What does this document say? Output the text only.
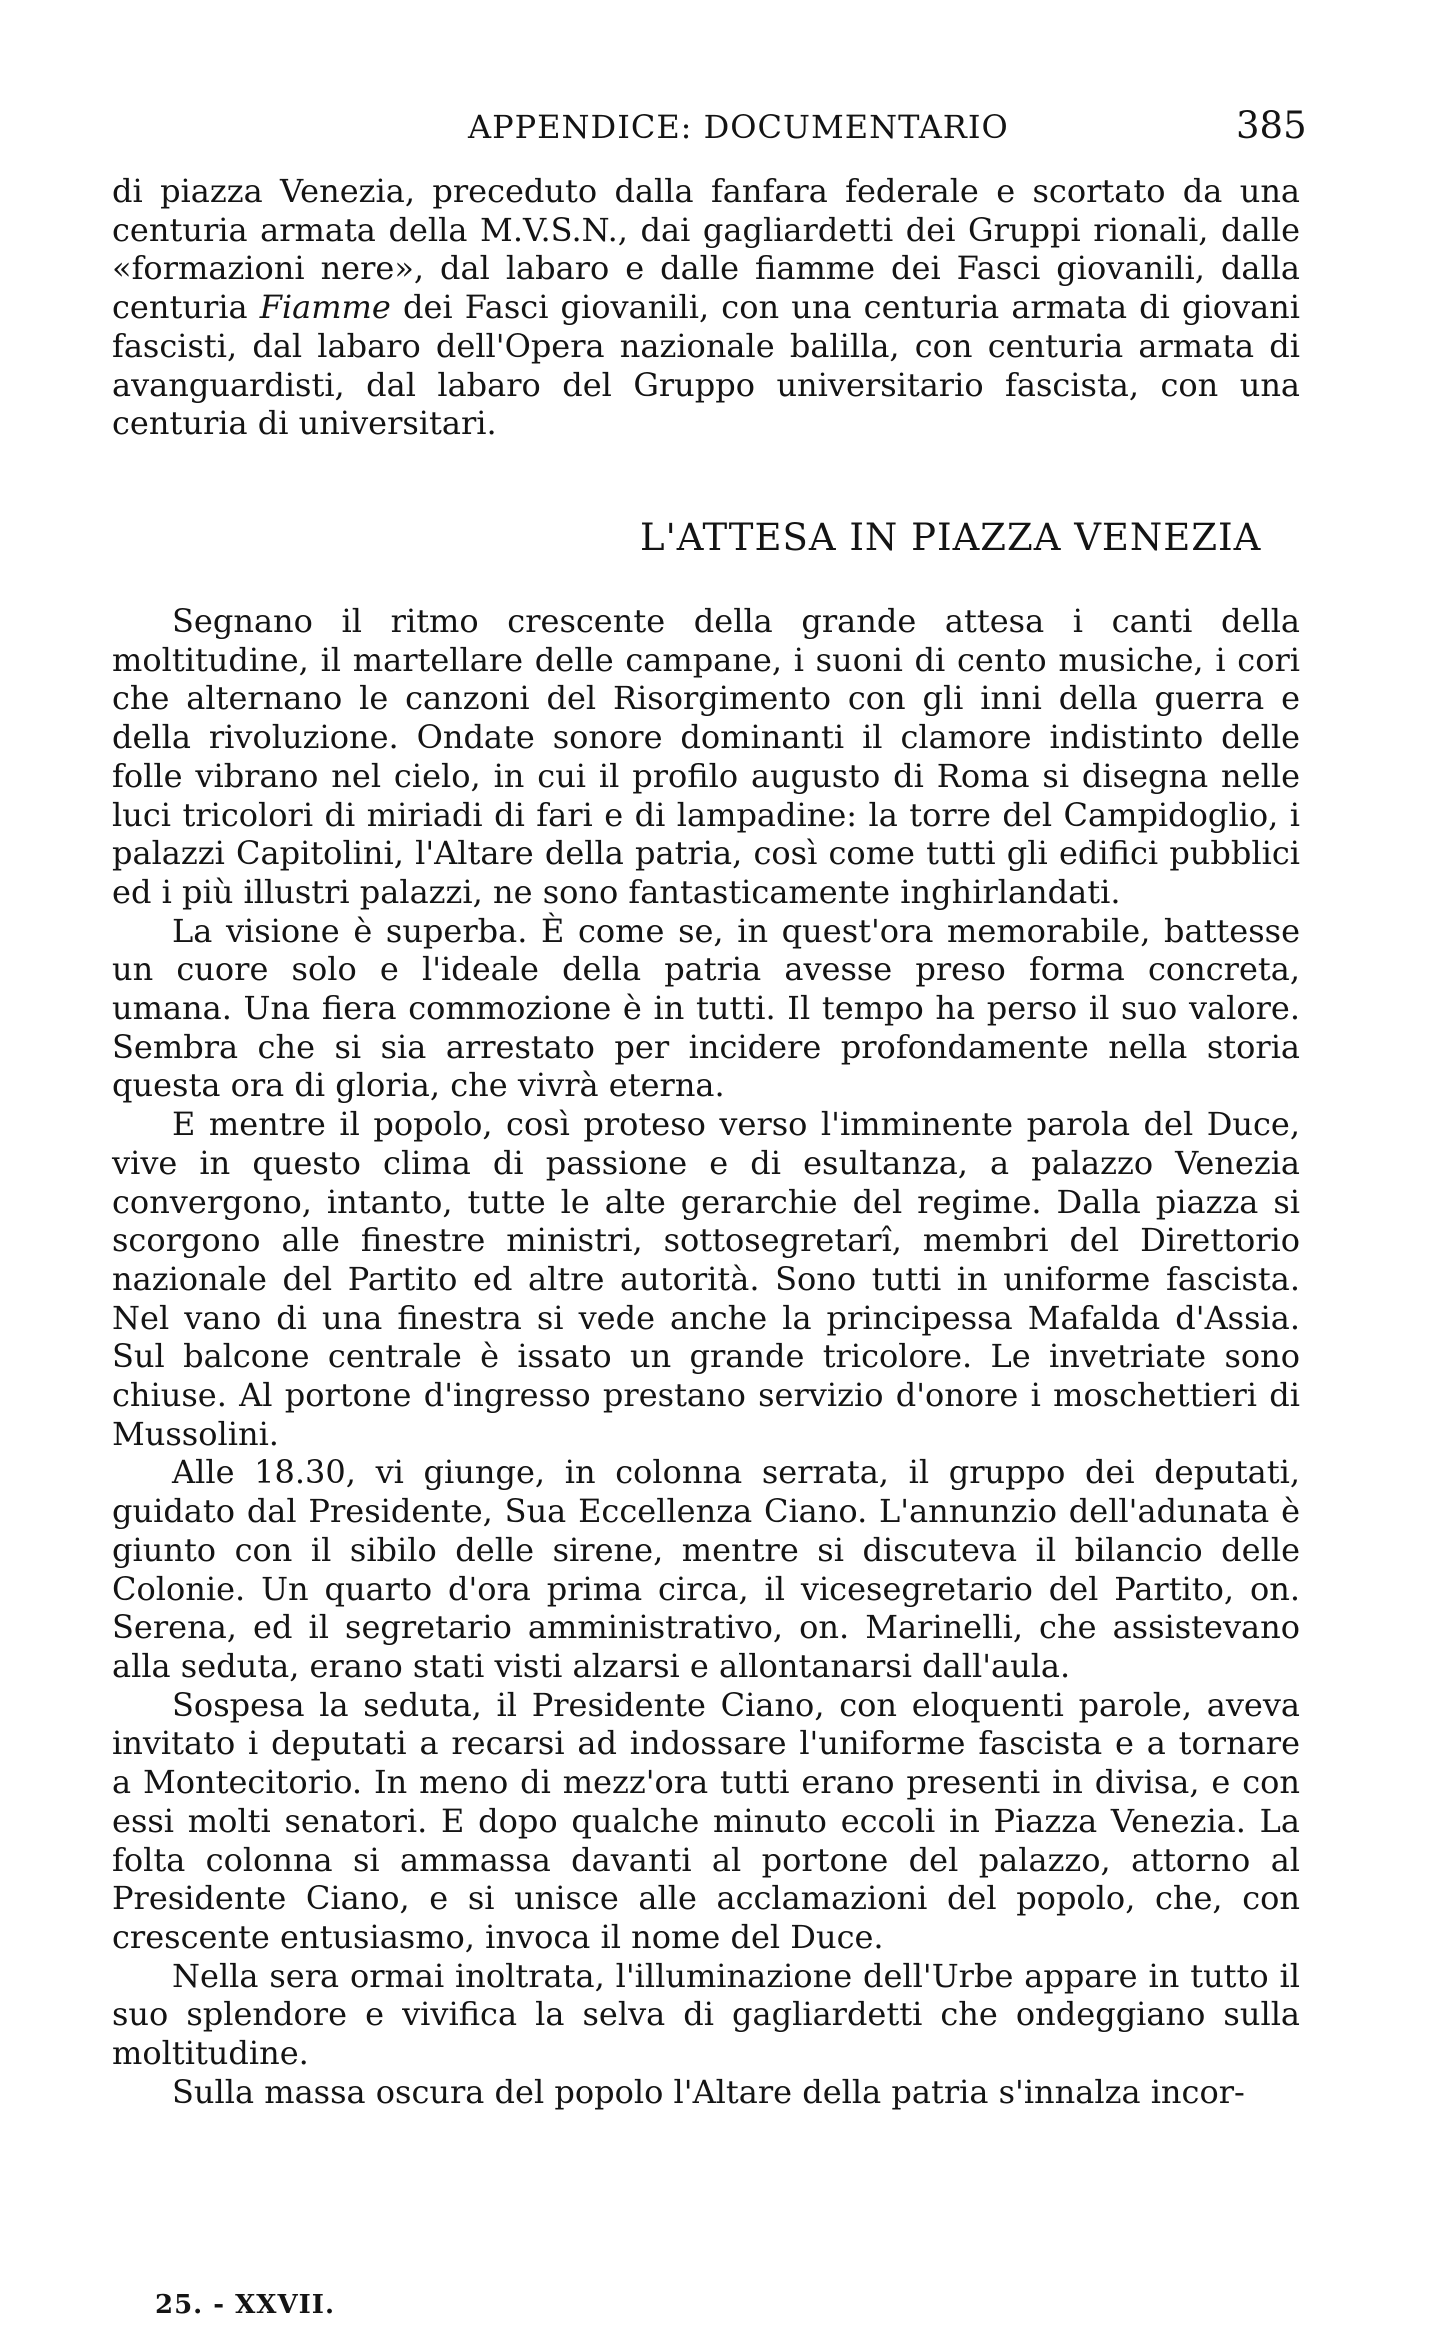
APPENDICE: DOCUMENTARIO	385

di piazza Venezia, preceduto dalla fanfara federale e scortato da una centuria armata della M.V.S.N., dai gagliardetti dei Gruppi rionali, dalle «formazioni nere», dal labaro e dalle fiamme dei Fasci giovanili, dalla centuria Fiamme dei Fasci giovanili, con una centuria armata di giovani fascisti, dal labaro dell'Opera nazionale balilla, con centuria armata di avanguardisti, dal labaro del Gruppo universitario fascista, con una centuria di universitari.

L'ATTESA IN PIAZZA VENEZIA

Segnano il ritmo crescente della grande attesa i canti della moltitudine, il martellare delle campane, i suoni di cento musiche, i cori che alternano le canzoni del Risorgimento con gli inni della guerra e della rivoluzione. Ondate sonore dominanti il clamore indistinto delle folle vibrano nel cielo, in cui il profilo augusto di Roma si disegna nelle luci tricolori di miriadi di fari e di lampadine: la torre del Campidoglio, i palazzi Capitolini, l'Altare della patria, così come tutti gli edifici pubblici ed i più illustri palazzi, ne sono fantasticamente inghirlandati.

La visione è superba. È come se, in quest'ora memorabile, battesse un cuore solo e l'ideale della patria avesse preso forma concreta, umana. Una fiera commozione è in tutti. Il tempo ha perso il suo valore. Sembra che si sia arrestato per incidere profondamente nella storia questa ora di gloria, che vivrà eterna.

E mentre il popolo, così proteso verso l'imminente parola del Duce, vive in questo clima di passione e di esultanza, a palazzo Venezia convergono, intanto, tutte le alte gerarchie del regime. Dalla piazza si scorgono alle finestre ministri, sottosegretarî, membri del Direttorio nazionale del Partito ed altre autorità. Sono tutti in uniforme fascista. Nel vano di una finestra si vede anche la principessa Mafalda d'Assia. Sul balcone centrale è issato un grande tricolore. Le invetriate sono chiuse. Al portone d'ingresso prestano servizio d'onore i moschettieri di Mussolini.

Alle 18.30, vi giunge, in colonna serrata, il gruppo dei deputati, guidato dal Presidente, Sua Eccellenza Ciano. L'annunzio dell'adunata è giunto con il sibilo delle sirene, mentre si discuteva il bilancio delle Colonie. Un quarto d'ora prima circa, il vicesegretario del Partito, on. Serena, ed il segretario amministrativo, on. Marinelli, che assistevano alla seduta, erano stati visti alzarsi e allontanarsi dall'aula.

Sospesa la seduta, il Presidente Ciano, con eloquenti parole, aveva invitato i deputati a recarsi ad indossare l'uniforme fascista e a tornare a Montecitorio. In meno di mezz'ora tutti erano presenti in divisa, e con essi molti senatori. E dopo qualche minuto eccoli in Piazza Venezia. La folta colonna si ammassa davanti al portone del palazzo, attorno al Presidente Ciano, e si unisce alle acclamazioni del popolo, che, con crescente entusiasmo, invoca il nome del Duce.

Nella sera ormai inoltrata, l'illuminazione dell'Urbe appare in tutto il suo splendore e vivifica la selva di gagliardetti che ondeggiano sulla moltitudine.

Sulla massa oscura del popolo l'Altare della patria s'innalza incor-

25. - XXVII.
